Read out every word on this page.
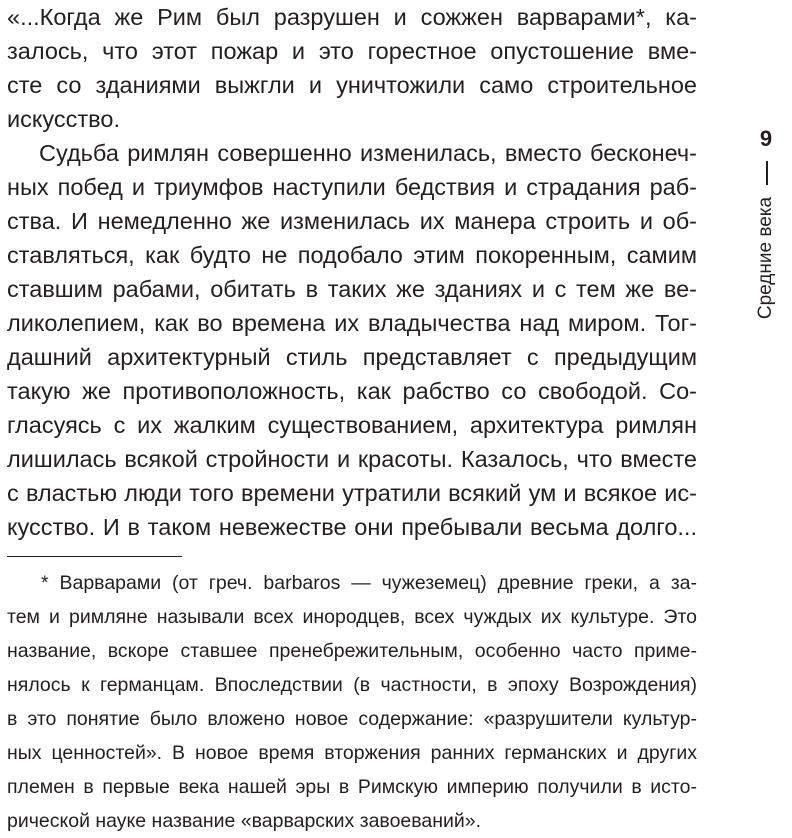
«...Когда же Рим был разрушен и сожжен варварами*, ка-
залось, что этот пожар и это горестное опустошение вме-
сте со зданиями выжгли и уничтожили само строительное
искусство.
Судьба римлян совершенно изменилась, вместо бесконеч-
ных побед и триумфов наступили бедствия и страдания раб-
ства. И немедленно же изменилась их манера строить и об-
ставляться, как будто не подобало этим покоренным, самим
ставшим рабами, обитать в таких же зданиях и с тем же ве-
ликолепием, как во времена их владычества над миром. Тог-
дашний архитектурный стиль представляет с предыдущим
такую же противоположность, как рабство со свободой. Со-
гласуясь с их жалким существованием, архитектура римлян
лишилась всякой стройности и красоты. Казалось, что вместе
с властью люди того времени утратили всякий ум и всякое ис-
кусство. И в таком невежестве они пребывали весьма долго...
* Варварами (от греч. barbaros — чужеземец) древние греки, а за-
тем и римляне называли всех инородцев, всех чуждых их культуре. Это
название, вскоре ставшее пренебрежительным, особенно часто приме-
нялось к германцам. Впоследствии (в частности, в эпоху Возрождения)
в это понятие было вложено новое содержание: «разрушители культур-
ных ценностей». В новое время вторжения ранних германских и других
племен в первые века нашей эры в Римскую империю получили в исто-
рической науке название «варварских завоеваний».
9
Средние века
